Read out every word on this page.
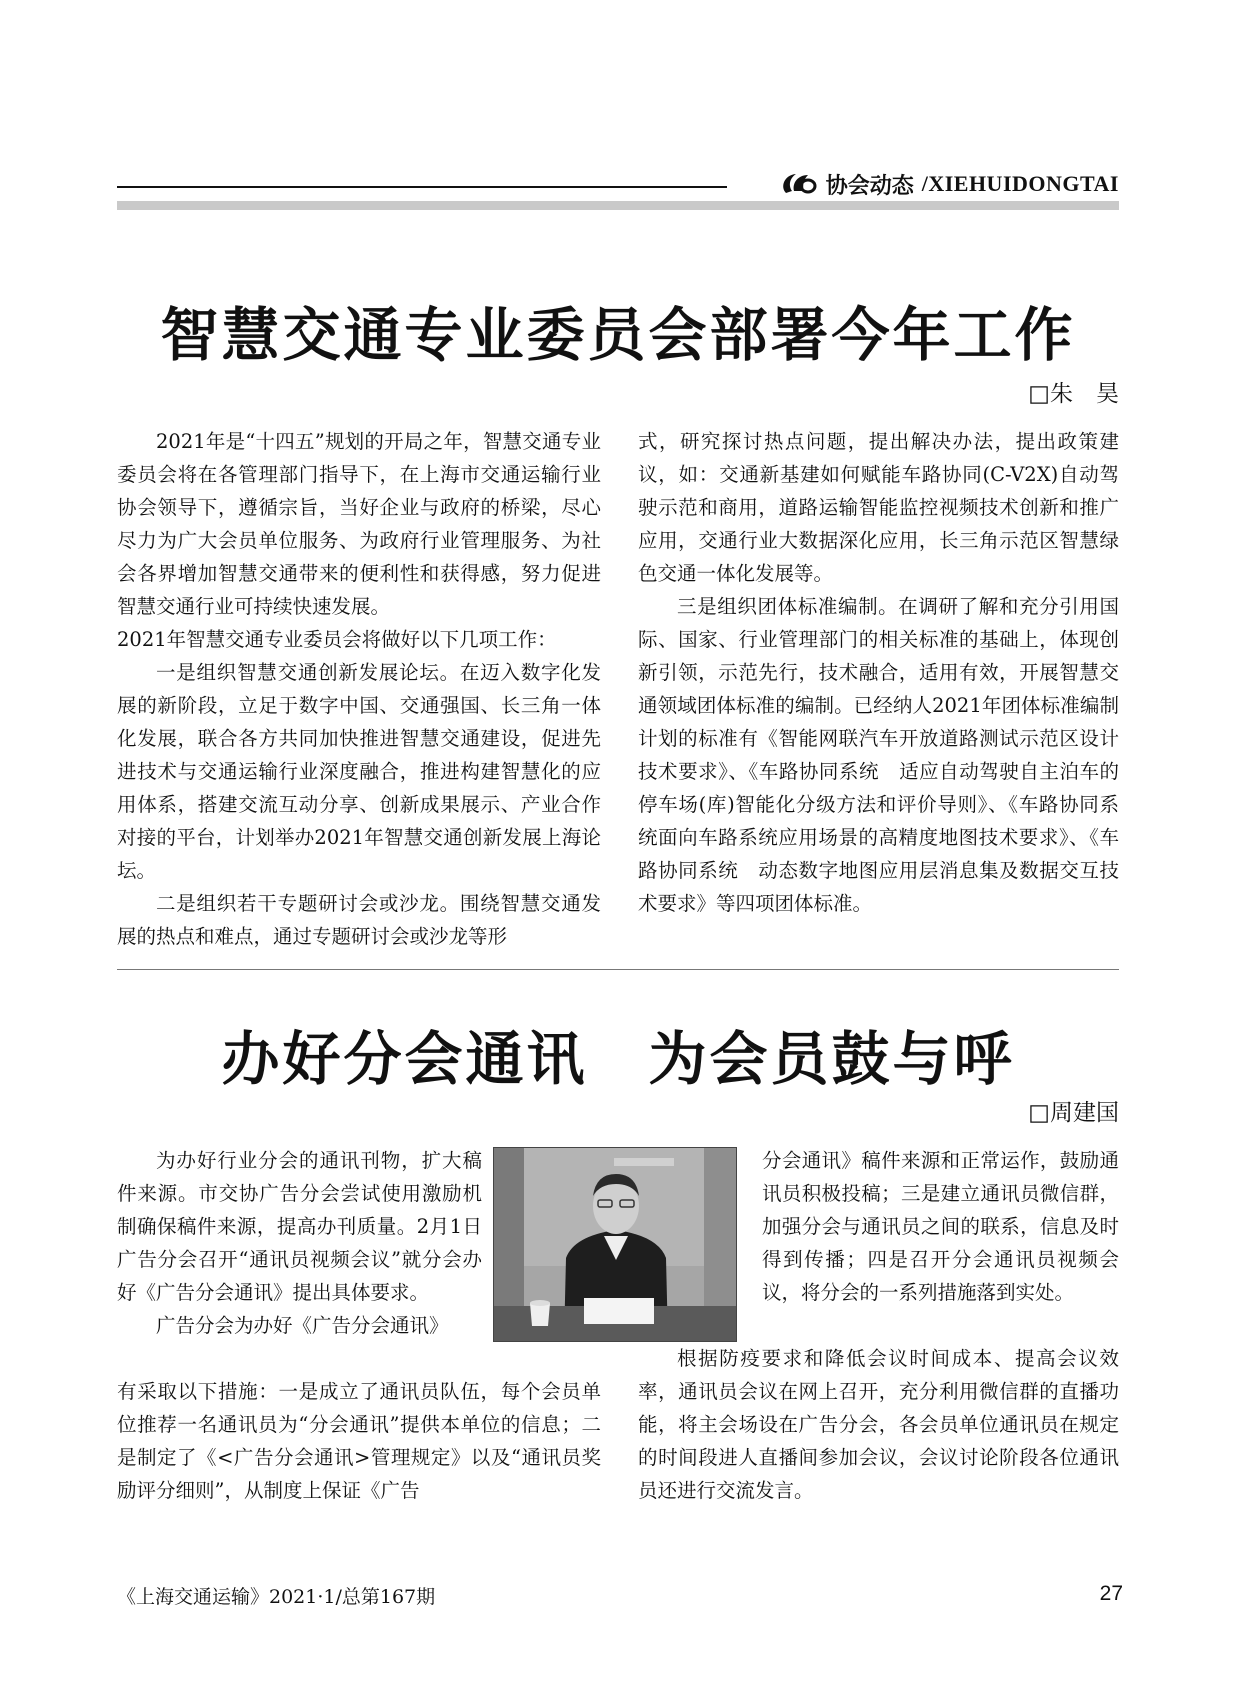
协会动态 /XIEHUIDONGTAI
智慧交通专业委员会部署今年工作
□朱　昊

2021年是“十四五”规划的开局之年，智慧交通专业委员会将在各管理部门指导下，在上海市交通运输行业协会领导下，遵循宗旨，当好企业与政府的桥梁，尽心尽力为广大会员单位服务、为政府行业管理服务、为社会各界增加智慧交通带来的便利性和获得感，努力促进智慧交通行业可持续快速发展。

2021年智慧交通专业委员会将做好以下几项工作：

一是组织智慧交通创新发展论坛。在迈入数字化发展的新阶段，立足于数字中国、交通强国、长三角一体化发展，联合各方共同加快推进智慧交通建设，促进先进技术与交通运输行业深度融合，推进构建智慧化的应用体系，搭建交流互动分享、创新成果展示、产业合作对接的平台，计划举办2021年智慧交通创新发展上海论坛。

二是组织若干专题研讨会或沙龙。围绕智慧交通发展的热点和难点，通过专题研讨会或沙龙等形

式，研究探讨热点问题，提出解决办法，提出政策建议，如：交通新基建如何赋能车路协同(C-V2X)自动驾驶示范和商用，道路运输智能监控视频技术创新和推广应用，交通行业大数据深化应用，长三角示范区智慧绿色交通一体化发展等。

三是组织团体标准编制。在调研了解和充分引用国际、国家、行业管理部门的相关标准的基础上，体现创新引领，示范先行，技术融合，适用有效，开展智慧交通领域团体标准的编制。已经纳人2021年团体标准编制计划的标准有《智能网联汽车开放道路测试示范区设计技术要求》、《车路协同系统　适应自动驾驶自主泊车的停车场(库)智能化分级方法和评价导则》、《车路协同系统面向车路系统应用场景的高精度地图技术要求》、《车路协同系统　动态数字地图应用层消息集及数据交互技术要求》等四项团体标准。

办好分会通讯　为会员鼓与呼
□周建国

为办好行业分会的通讯刊物，扩大稿件来源。市交协广告分会尝试使用激励机制确保稿件来源，提高办刊质量。2月1日广告分会召开“通讯员视频会议”就分会办好《广告分会通讯》提出具体要求。

广告分会为办好《广告分会通讯》

分会通讯》稿件来源和正常运作，鼓励通讯员积极投稿；三是建立通讯员微信群，加强分会与通讯员之间的联系，信息及时得到传播；四是召开分会通讯员视频会议，将分会的一系列措施落到实处。

有采取以下措施：一是成立了通讯员队伍，每个会员单位推荐一名通讯员为“分会通讯”提供本单位的信息；二是制定了《<广告分会通讯>管理规定》以及“通讯员奖励评分细则”，从制度上保证《广告

根据防疫要求和降低会议时间成本、提高会议效率，通讯员会议在网上召开，充分利用微信群的直播功能，将主会场设在广告分会，各会员单位通讯员在规定的时间段进人直播间参加会议，会议讨论阶段各位通讯员还进行交流发言。

《上海交通运输》2021·1/总第167期	27
